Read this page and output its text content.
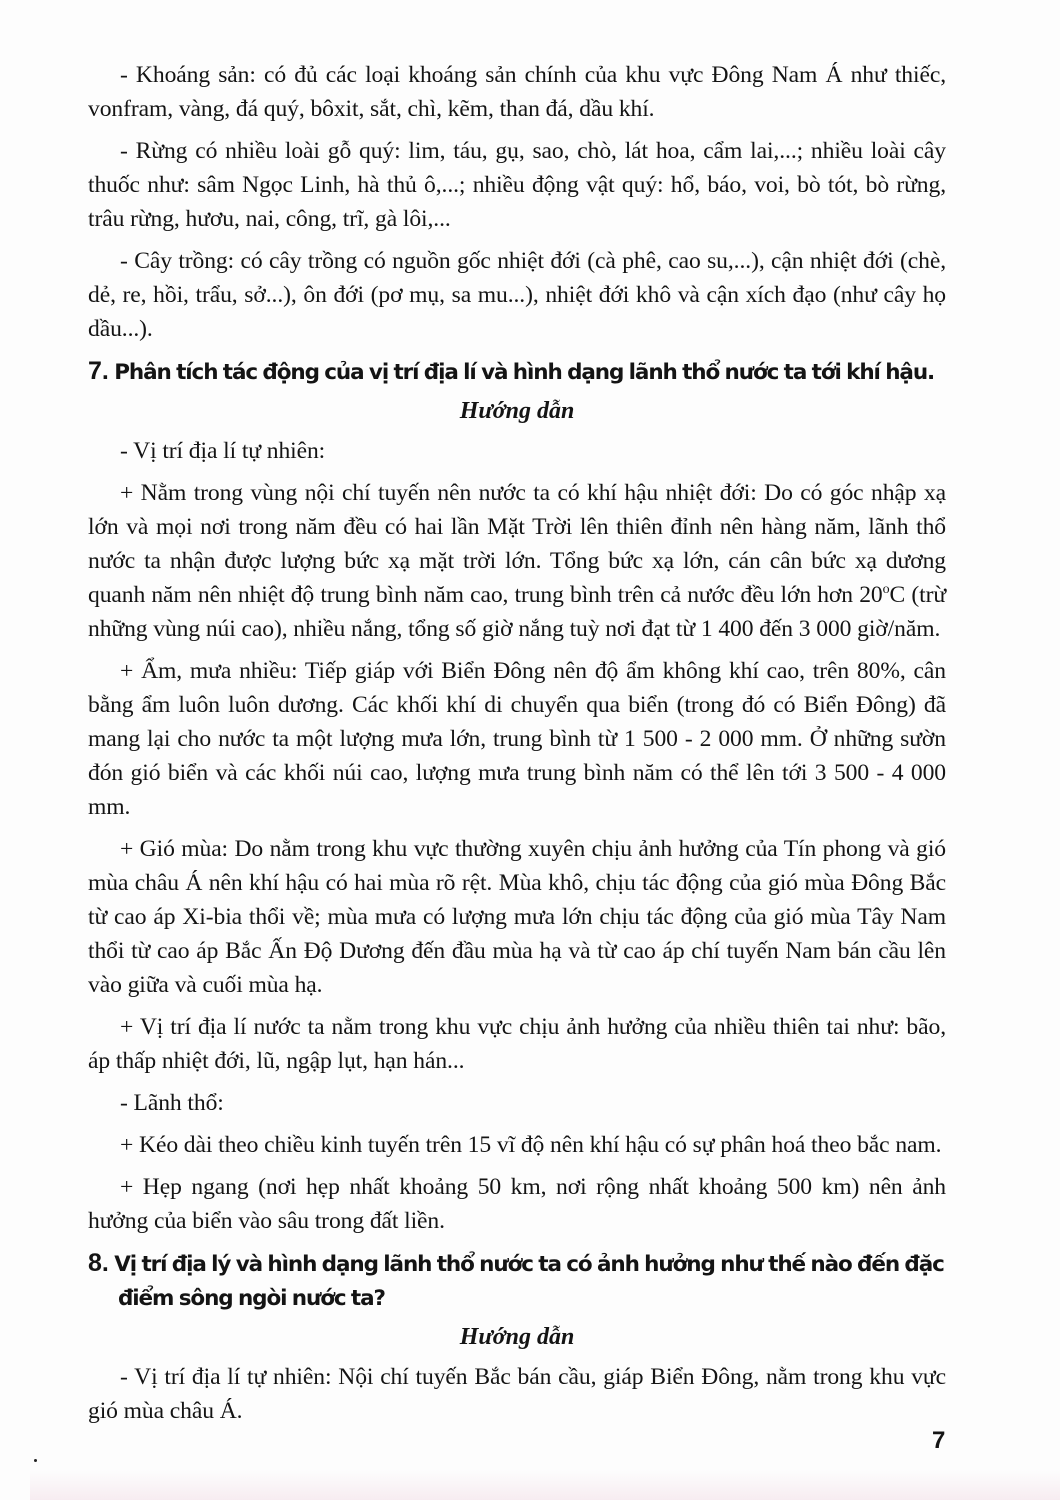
- Khoáng sản: có đủ các loại khoáng sản chính của khu vực Đông Nam Á như thiếc, vonfram, vàng, đá quý, bôxit, sắt, chì, kẽm, than đá, dầu khí.

- Rừng có nhiều loài gỗ quý: lim, táu, gụ, sao, chò, lát hoa, cẩm lai,...; nhiều loài cây thuốc như: sâm Ngọc Linh, hà thủ ô,...; nhiều động vật quý: hổ, báo, voi, bò tót, bò rừng, trâu rừng, hươu, nai, công, trĩ, gà lôi,...

- Cây trồng: có cây trồng có nguồn gốc nhiệt đới (cà phê, cao su,...), cận nhiệt đới (chè, dẻ, re, hồi, trẩu, sở...), ôn đới (pơ mụ, sa mu...), nhiệt đới khô và cận xích đạo (như cây họ dầu...).

7. Phân tích tác động của vị trí địa lí và hình dạng lãnh thổ nước ta tới khí hậu.
Hướng dẫn

- Vị trí địa lí tự nhiên:

+ Nằm trong vùng nội chí tuyến nên nước ta có khí hậu nhiệt đới: Do có góc nhập xạ lớn và mọi nơi trong năm đều có hai lần Mặt Trời lên thiên đỉnh nên hàng năm, lãnh thổ nước ta nhận được lượng bức xạ mặt trời lớn. Tổng bức xạ lớn, cán cân bức xạ dương quanh năm nên nhiệt độ trung bình năm cao, trung bình trên cả nước đều lớn hơn 20$^o$C (trừ những vùng núi cao), nhiều nắng, tổng số giờ nắng tuỳ nơi đạt từ 1 400 đến 3 000 giờ/năm.

+ Ẩm, mưa nhiều: Tiếp giáp với Biển Đông nên độ ẩm không khí cao, trên 80%, cân bằng ẩm luôn luôn dương. Các khối khí di chuyển qua biển (trong đó có Biển Đông) đã mang lại cho nước ta một lượng mưa lớn, trung bình từ 1 500 - 2 000 mm. Ở những sườn đón gió biển và các khối núi cao, lượng mưa trung bình năm có thể lên tới 3 500 - 4 000 mm.

+ Gió mùa: Do nằm trong khu vực thường xuyên chịu ảnh hưởng của Tín phong và gió mùa châu Á nên khí hậu có hai mùa rõ rệt. Mùa khô, chịu tác động của gió mùa Đông Bắc từ cao áp Xi-bia thổi về; mùa mưa có lượng mưa lớn chịu tác động của gió mùa Tây Nam thổi từ cao áp Bắc Ấn Độ Dương đến đầu mùa hạ và từ cao áp chí tuyến Nam bán cầu lên vào giữa và cuối mùa hạ.

+ Vị trí địa lí nước ta nằm trong khu vực chịu ảnh hưởng của nhiều thiên tai như: bão, áp thấp nhiệt đới, lũ, ngập lụt, hạn hán...

- Lãnh thổ:

+ Kéo dài theo chiều kinh tuyến trên 15 vĩ độ nên khí hậu có sự phân hoá theo bắc nam.

+ Hẹp ngang (nơi hẹp nhất khoảng 50 km, nơi rộng nhất khoảng 500 km) nên ảnh hưởng của biển vào sâu trong đất liền.

8. Vị trí địa lý và hình dạng lãnh thổ nước ta có ảnh hưởng như thế nào đến đặc điểm sông ngòi nước ta?
Hướng dẫn

- Vị trí địa lí tự nhiên: Nội chí tuyến Bắc bán cầu, giáp Biển Đông, nằm trong khu vực gió mùa châu Á.

7
